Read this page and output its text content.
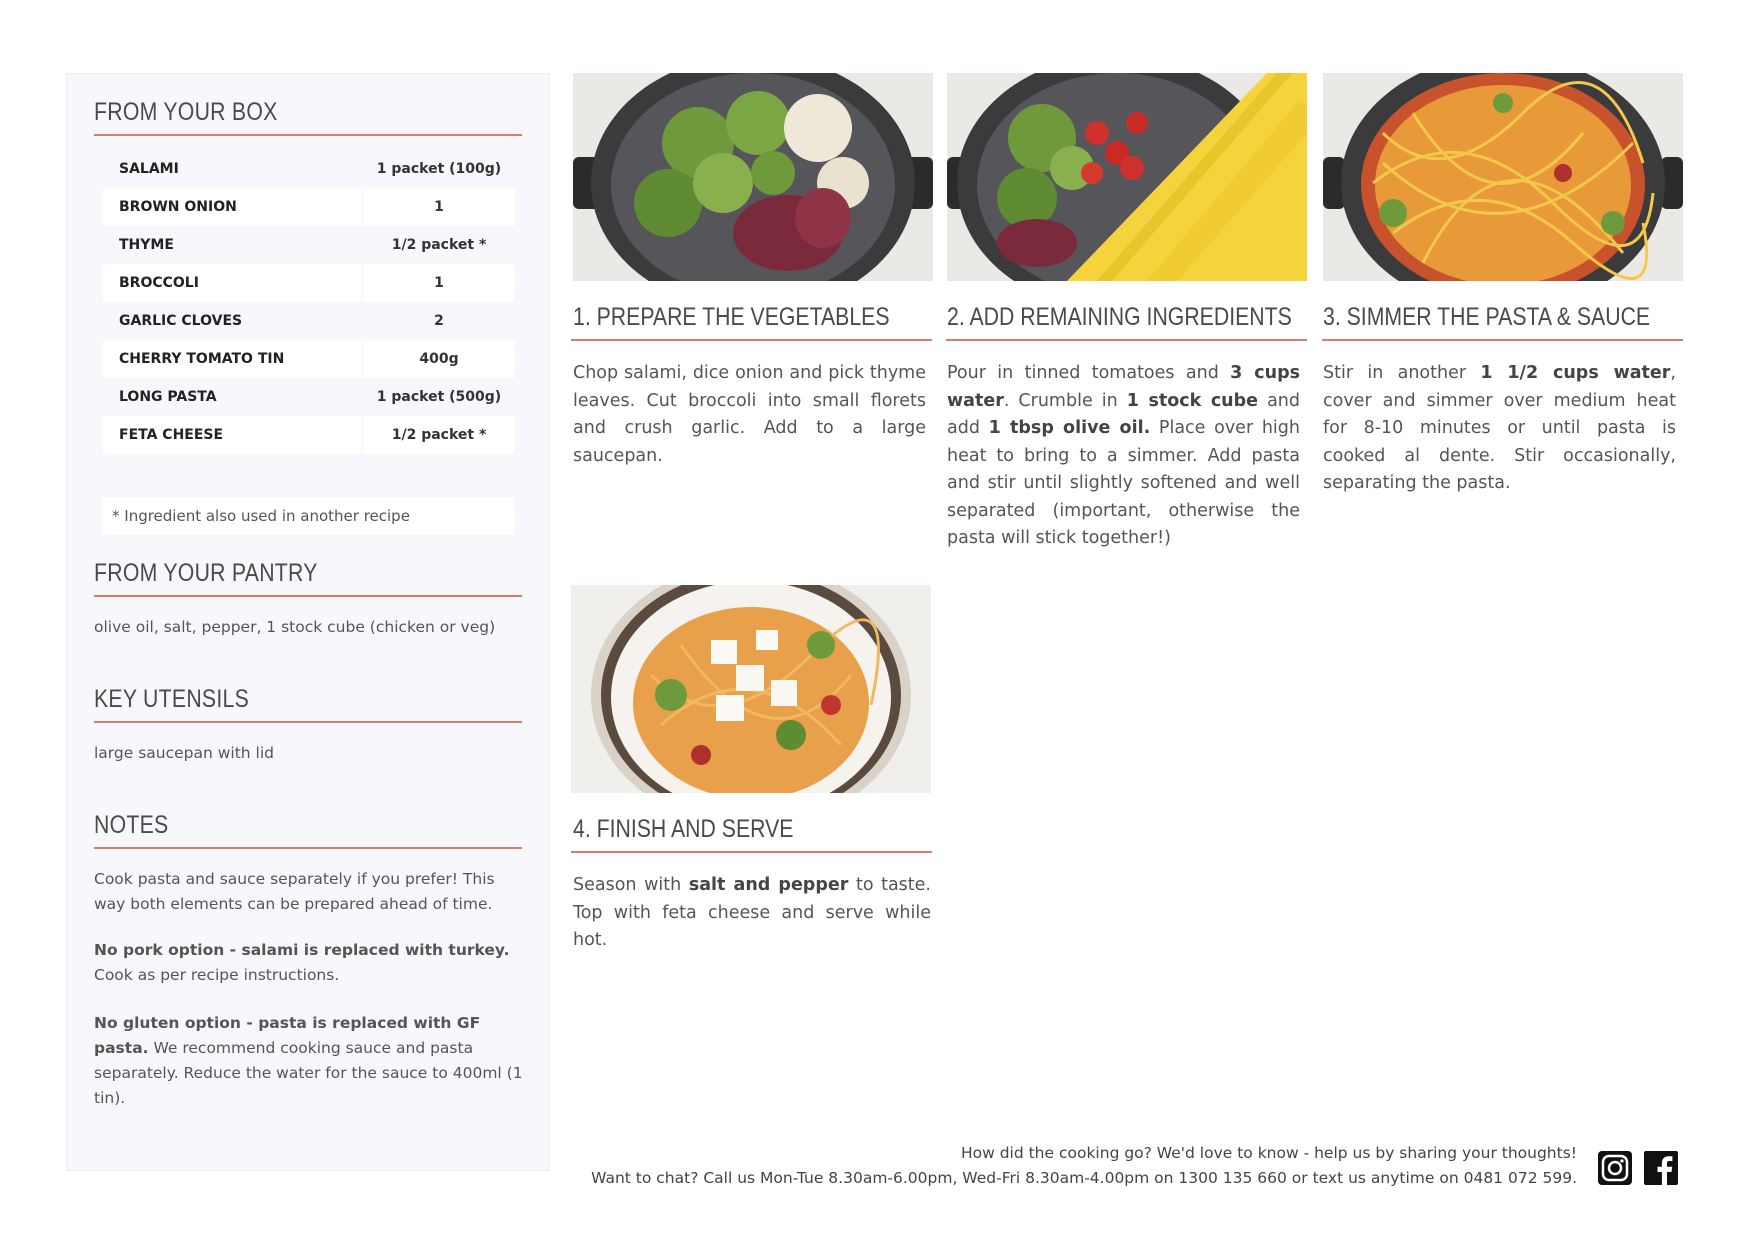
FROM YOUR BOX
SALAMI	1 packet (100g)
BROWN ONION	1
THYME	1/2 packet *
BROCCOLI	1
GARLIC CLOVES	2
CHERRY TOMATO TIN	400g
LONG PASTA	1 packet (500g)
FETA CHEESE	1/2 packet *
* Ingredient also used in another recipe
FROM YOUR PANTRY
olive oil, salt, pepper, 1 stock cube (chicken or veg)
KEY UTENSILS
large saucepan with lid
NOTES
Cook pasta and sauce separately if you prefer! This way both elements can be prepared ahead of time.
No pork option - salami is replaced with turkey. Cook as per recipe instructions.
No gluten option - pasta is replaced with GF pasta. We recommend cooking sauce and pasta separately. Reduce the water for the sauce to 400ml (1 tin).
1. PREPARE THE VEGETABLES
Chop salami, dice onion and pick thyme leaves. Cut broccoli into small florets and crush garlic. Add to a large saucepan.
2. ADD REMAINING INGREDIENTS
Pour in tinned tomatoes and 3 cups water. Crumble in 1 stock cube and add 1 tbsp olive oil. Place over high heat to bring to a simmer. Add pasta and stir until slightly softened and well separated (important, otherwise the pasta will stick together!)
3. SIMMER THE PASTA & SAUCE
Stir in another 1 1/2 cups water, cover and simmer over medium heat for 8-10 minutes or until pasta is cooked al dente. Stir occasionally, separating the pasta.
4. FINISH AND SERVE
Season with salt and pepper to taste. Top with feta cheese and serve while hot.
How did the cooking go? We'd love to know - help us by sharing your thoughts!
Want to chat? Call us Mon-Tue 8.30am-6.00pm, Wed-Fri 8.30am-4.00pm on 1300 135 660 or text us anytime on 0481 072 599.
